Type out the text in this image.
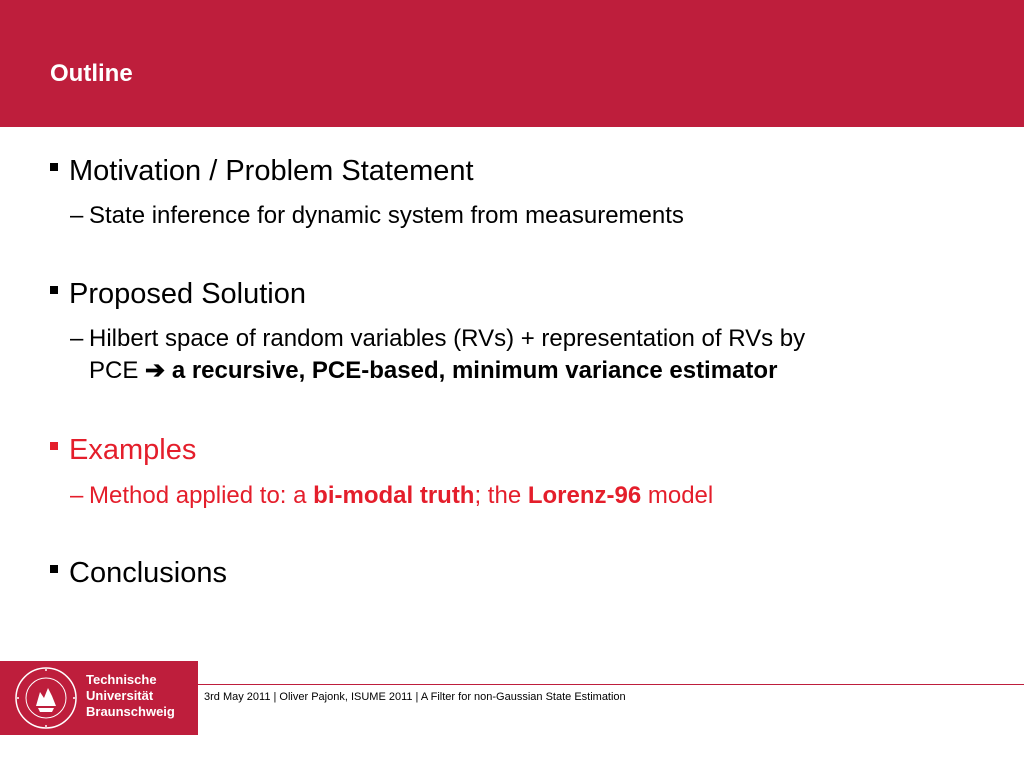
Outline
Motivation / Problem Statement
– State inference for dynamic system from measurements
Proposed Solution
– Hilbert space of random variables (RVs) + representation of RVs by
PCE ➔ a recursive, PCE-based, minimum variance estimator
Examples
– Method applied to: a bi-modal truth; the Lorenz-96 model
Conclusions
Technische
Universität
Braunschweig
3rd May 2011 | Oliver Pajonk, ISUME 2011 | A Filter for non-Gaussian State Estimation
